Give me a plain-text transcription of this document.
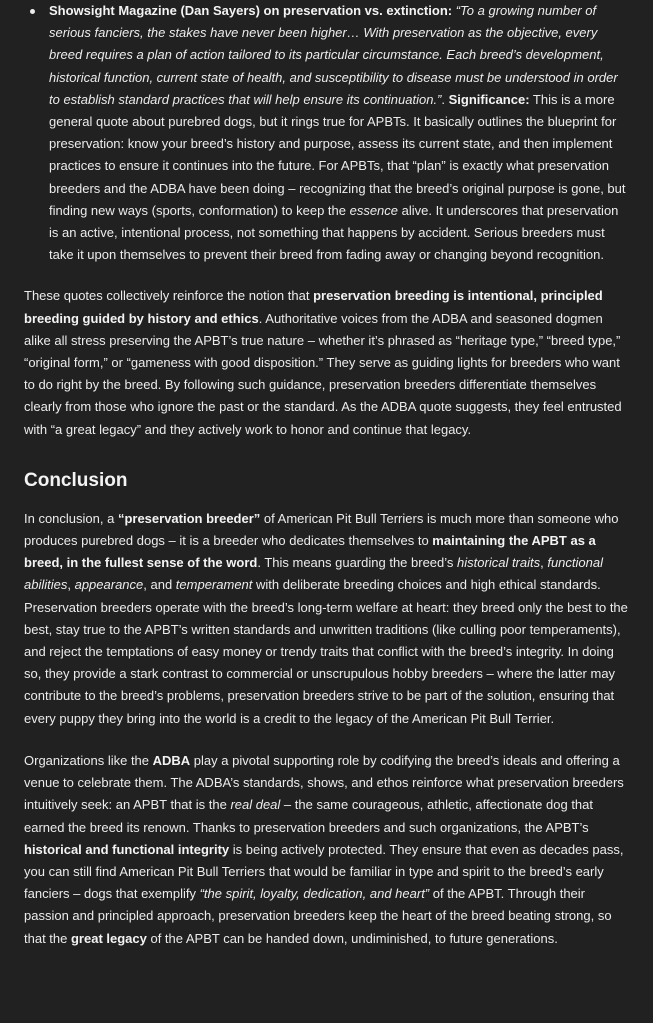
Showsight Magazine (Dan Sayers) on preservation vs. extinction: “To a growing number of serious fanciers, the stakes have never been higher… With preservation as the objective, every breed requires a plan of action tailored to its particular circumstance. Each breed’s development, historical function, current state of health, and susceptibility to disease must be understood in order to establish standard practices that will help ensure its continuation.”. Significance: This is a more general quote about purebred dogs, but it rings true for APBTs. It basically outlines the blueprint for preservation: know your breed’s history and purpose, assess its current state, and then implement practices to ensure it continues into the future. For APBTs, that “plan” is exactly what preservation breeders and the ADBA have been doing – recognizing that the breed’s original purpose is gone, but finding new ways (sports, conformation) to keep the essence alive. It underscores that preservation is an active, intentional process, not something that happens by accident. Serious breeders must take it upon themselves to prevent their breed from fading away or changing beyond recognition.

These quotes collectively reinforce the notion that preservation breeding is intentional, principled breeding guided by history and ethics. Authoritative voices from the ADBA and seasoned dogmen alike all stress preserving the APBT’s true nature – whether it’s phrased as “heritage type,” “breed type,” “original form,” or “gameness with good disposition.” They serve as guiding lights for breeders who want to do right by the breed. By following such guidance, preservation breeders differentiate themselves clearly from those who ignore the past or the standard. As the ADBA quote suggests, they feel entrusted with “a great legacy” and they actively work to honor and continue that legacy.

Conclusion

In conclusion, a “preservation breeder” of American Pit Bull Terriers is much more than someone who produces purebred dogs – it is a breeder who dedicates themselves to maintaining the APBT as a breed, in the fullest sense of the word. This means guarding the breed’s historical traits, functional abilities, appearance, and temperament with deliberate breeding choices and high ethical standards. Preservation breeders operate with the breed’s long-term welfare at heart: they breed only the best to the best, stay true to the APBT’s written standards and unwritten traditions (like culling poor temperaments), and reject the temptations of easy money or trendy traits that conflict with the breed’s integrity. In doing so, they provide a stark contrast to commercial or unscrupulous hobby breeders – where the latter may contribute to the breed’s problems, preservation breeders strive to be part of the solution, ensuring that every puppy they bring into the world is a credit to the legacy of the American Pit Bull Terrier.

Organizations like the ADBA play a pivotal supporting role by codifying the breed’s ideals and offering a venue to celebrate them. The ADBA’s standards, shows, and ethos reinforce what preservation breeders intuitively seek: an APBT that is the real deal – the same courageous, athletic, affectionate dog that earned the breed its renown. Thanks to preservation breeders and such organizations, the APBT’s historical and functional integrity is being actively protected. They ensure that even as decades pass, you can still find American Pit Bull Terriers that would be familiar in type and spirit to the breed’s early fanciers – dogs that exemplify “the spirit, loyalty, dedication, and heart” of the APBT. Through their passion and principled approach, preservation breeders keep the heart of the breed beating strong, so that the great legacy of the APBT can be handed down, undiminished, to future generations.
